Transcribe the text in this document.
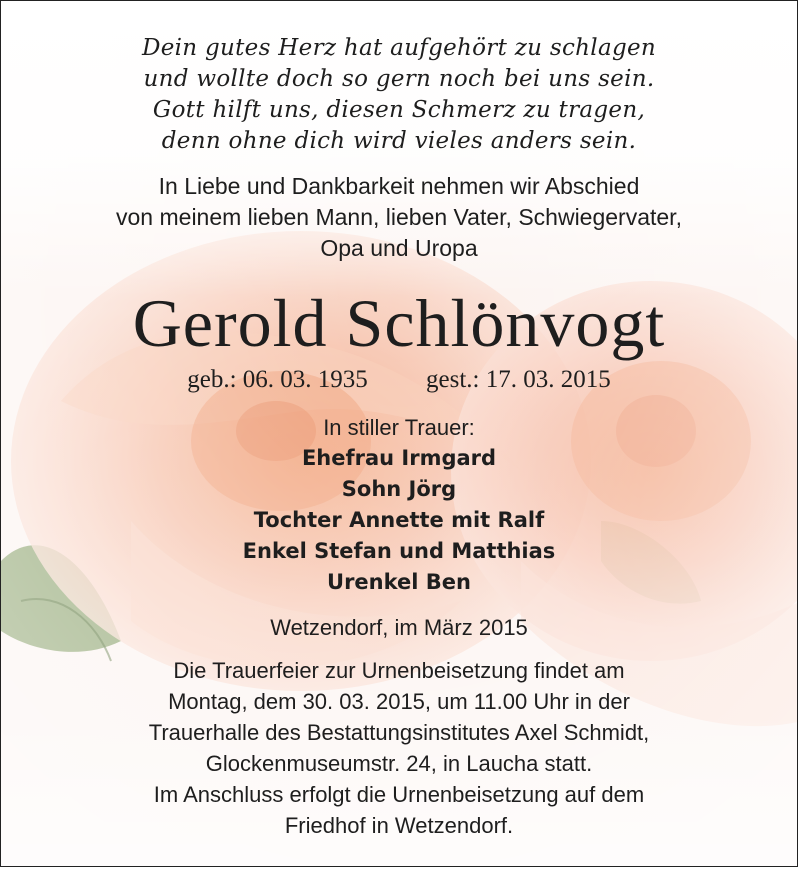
Dein gutes Herz hat aufgehört zu schlagen
und wollte doch so gern noch bei uns sein.
Gott hilft uns, diesen Schmerz zu tragen,
denn ohne dich wird vieles anders sein.
In Liebe und Dankbarkeit nehmen wir Abschied
von meinem lieben Mann, lieben Vater, Schwiegervater,
Opa und Uropa
Gerold Schlönvogt
geb.: 06. 03. 1935 gest.: 17. 03. 2015
In stiller Trauer:
Ehefrau Irmgard
Sohn Jörg
Tochter Annette mit Ralf
Enkel Stefan und Matthias
Urenkel Ben
Wetzendorf, im März 2015
Die Trauerfeier zur Urnenbeisetzung findet am
Montag, dem 30. 03. 2015, um 11.00 Uhr in der
Trauerhalle des Bestattungsinstitutes Axel Schmidt,
Glockenmuseumstr. 24, in Laucha statt.
Im Anschluss erfolgt die Urnenbeisetzung auf dem
Friedhof in Wetzendorf.
